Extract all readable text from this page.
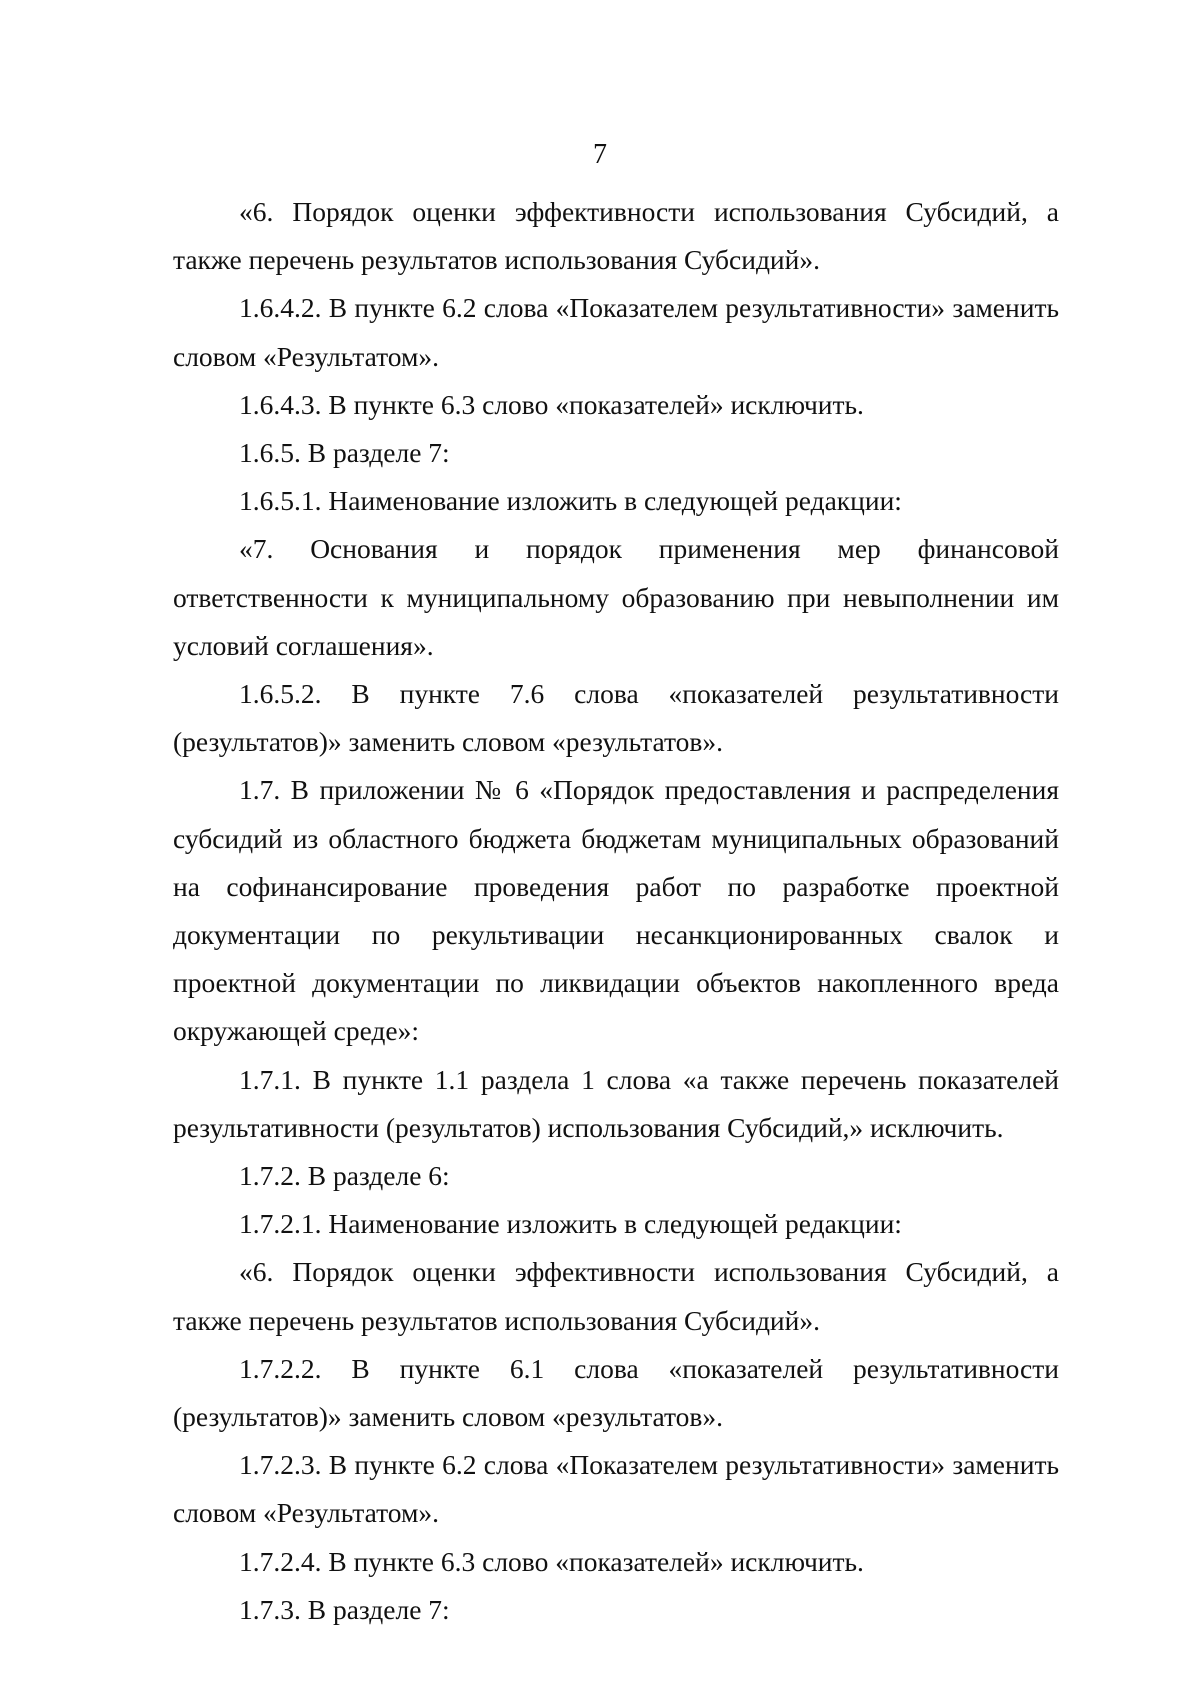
7

«6. Порядок оценки эффективности использования Субсидий, а также перечень результатов использования Субсидий».

1.6.4.2. В пункте 6.2 слова «Показателем результативности» заменить словом «Результатом».

1.6.4.3. В пункте 6.3 слово «показателей» исключить.

1.6.5. В разделе 7:

1.6.5.1. Наименование изложить в следующей редакции:

«7. Основания и порядок применения мер финансовой ответственности к муниципальному образованию при невыполнении им условий соглашения».

1.6.5.2. В пункте 7.6 слова «показателей результативности (результатов)» заменить словом «результатов».

1.7. В приложении № 6 «Порядок предоставления и распределения субсидий из областного бюджета бюджетам муниципальных образований на софинансирование проведения работ по разработке проектной документации по рекультивации несанкционированных свалок и проектной документации по ликвидации объектов накопленного вреда окружающей среде»:

1.7.1. В пункте 1.1 раздела 1 слова «а также перечень показателей результативности (результатов) использования Субсидий,» исключить.

1.7.2. В разделе 6:

1.7.2.1. Наименование изложить в следующей редакции:

«6. Порядок оценки эффективности использования Субсидий, а также перечень результатов использования Субсидий».

1.7.2.2. В пункте 6.1 слова «показателей результативности (результатов)» заменить словом «результатов».

1.7.2.3. В пункте 6.2 слова «Показателем результативности» заменить словом «Результатом».

1.7.2.4. В пункте 6.3 слово «показателей» исключить.

1.7.3. В разделе 7:
